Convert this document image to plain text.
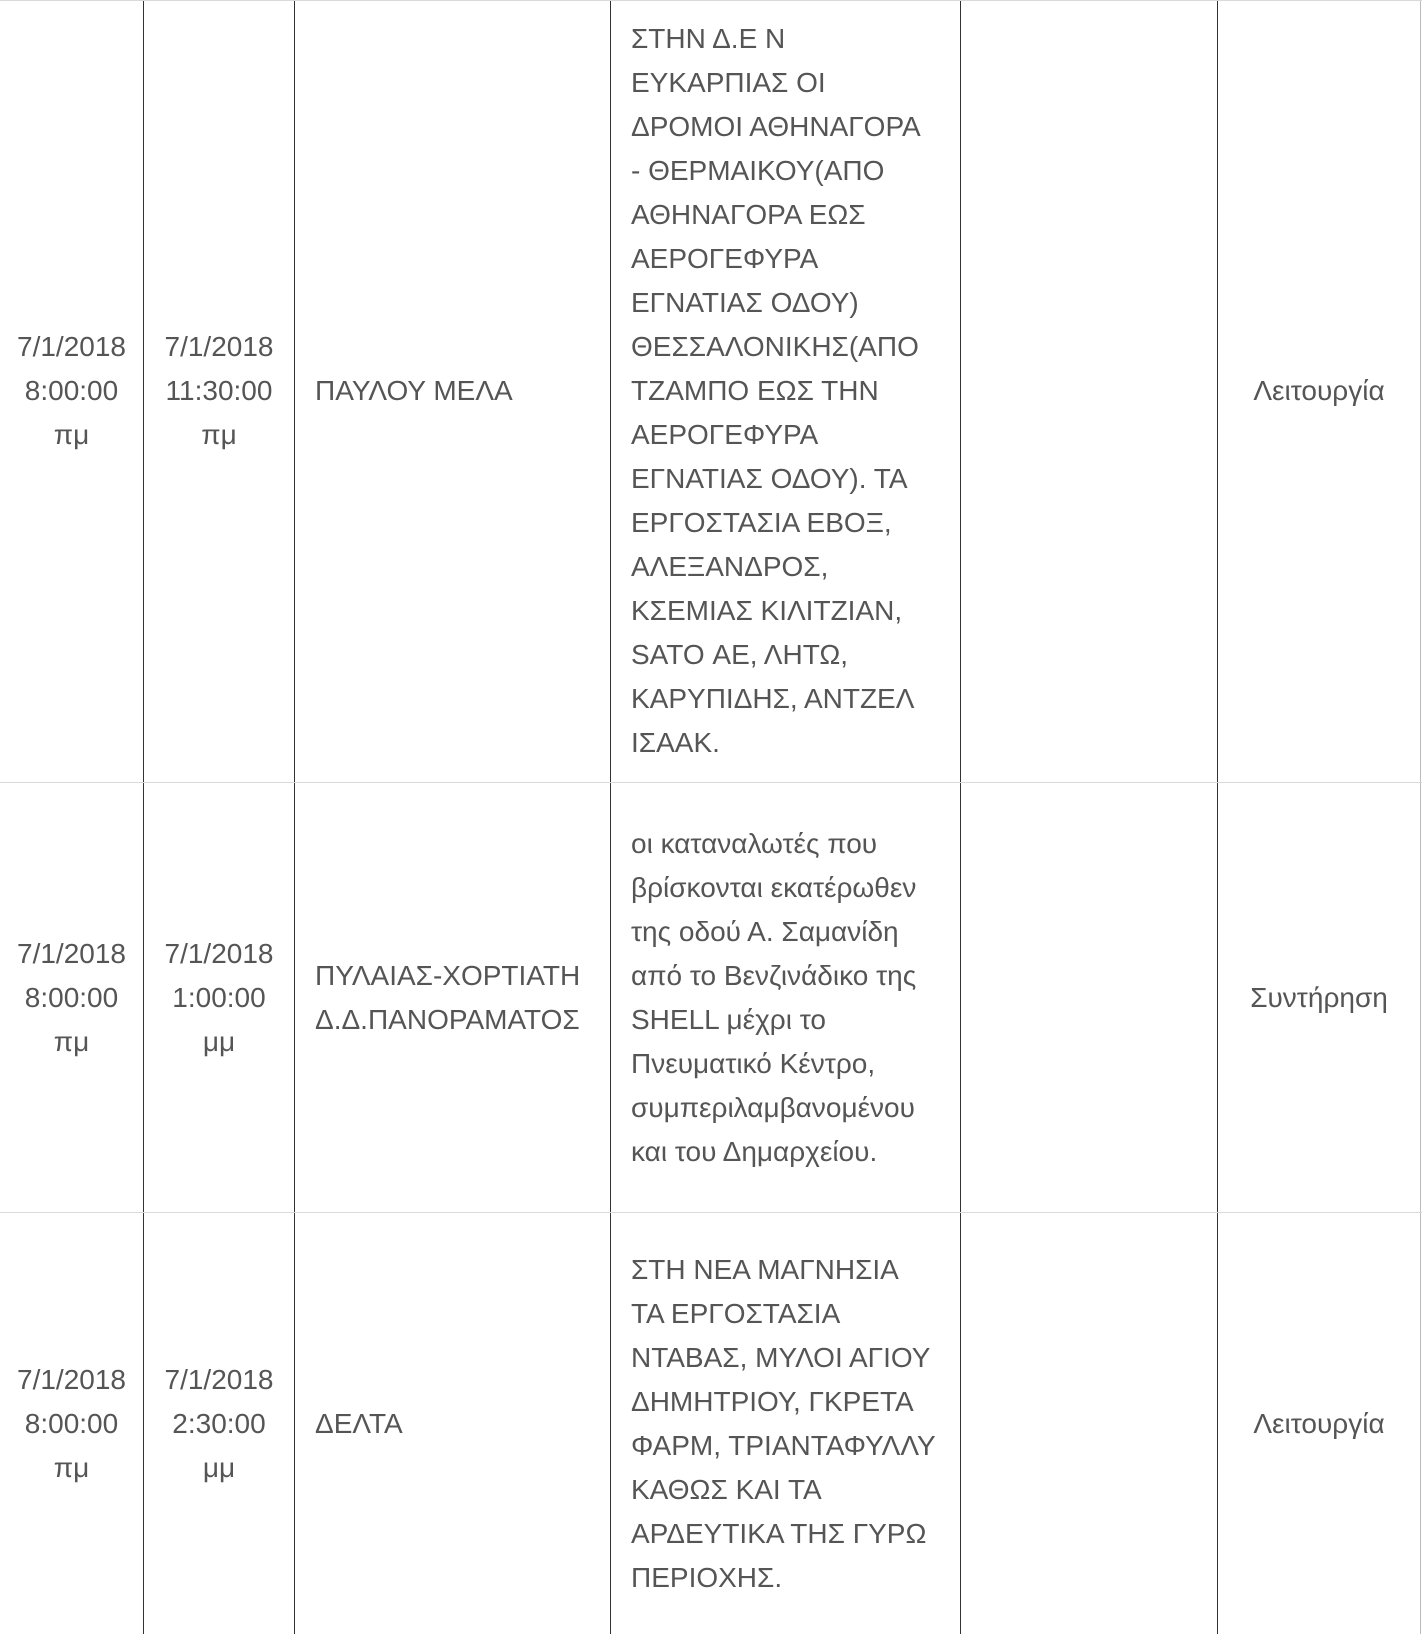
7/1/2018
8:00:00
πμ
7/1/2018
11:30:00
πμ
ΠΑΥΛΟΥ ΜΕΛΑ
ΣΤΗΝ Δ.Ε Ν ΕΥΚΑΡΠΙΑΣ ΟΙ ΔΡΟΜΟΙ ΑΘΗΝΑΓΟΡΑ - ΘΕΡΜΑΙΚΟΥ(ΑΠΟ ΑΘΗΝΑΓΟΡΑ ΕΩΣ ΑΕΡΟΓΕΦΥΡΑ ΕΓΝΑΤΙΑΣ ΟΔΟΥ) ΘΕΣΣΑΛΟΝΙΚΗΣ(ΑΠΟ ΤΖΑΜΠΟ ΕΩΣ ΤΗΝ ΑΕΡΟΓΕΦΥΡΑ ΕΓΝΑΤΙΑΣ ΟΔΟΥ). ΤΑ ΕΡΓΟΣΤΑΣΙΑ ΕΒΟΞ, ΑΛΕΞΑΝΔΡΟΣ, ΚΣΕΜΙΑΣ ΚΙΛΙΤΖΙΑΝ, SATO ΑΕ, ΛΗΤΩ, ΚΑΡΥΠΙΔΗΣ, ΑΝΤΖΕΛ ΙΣΑΑΚ.
Λειτουργία
7/1/2018
8:00:00
πμ
7/1/2018
1:00:00
μμ
ΠΥΛΑΙΑΣ-ΧΟΡΤΙΑΤΗ Δ.Δ.ΠΑΝΟΡΑΜΑΤΟΣ
οι καταναλωτές που βρίσκονται εκατέρωθεν της οδού Α. Σαμανίδη από το Βενζινάδικο της SHELL μέχρι το Πνευματικό Κέντρο, συμπεριλαμβανομένου και του Δημαρχείου.
Συντήρηση
7/1/2018
8:00:00
πμ
7/1/2018
2:30:00
μμ
ΔΕΛΤΑ
ΣΤΗ ΝΕΑ ΜΑΓΝΗΣΙΑ ΤΑ ΕΡΓΟΣΤΑΣΙΑ ΝΤΑΒΑΣ, ΜΥΛΟΙ ΑΓΙΟΥ ΔΗΜΗΤΡΙΟΥ, ΓΚΡΕΤΑ ΦΑΡΜ, ΤΡΙΑΝΤΑΦΥΛΛΥ ΚΑΘΩΣ ΚΑΙ ΤΑ ΑΡΔΕΥΤΙΚΑ ΤΗΣ ΓΥΡΩ ΠΕΡΙΟΧΗΣ.
Λειτουργία
